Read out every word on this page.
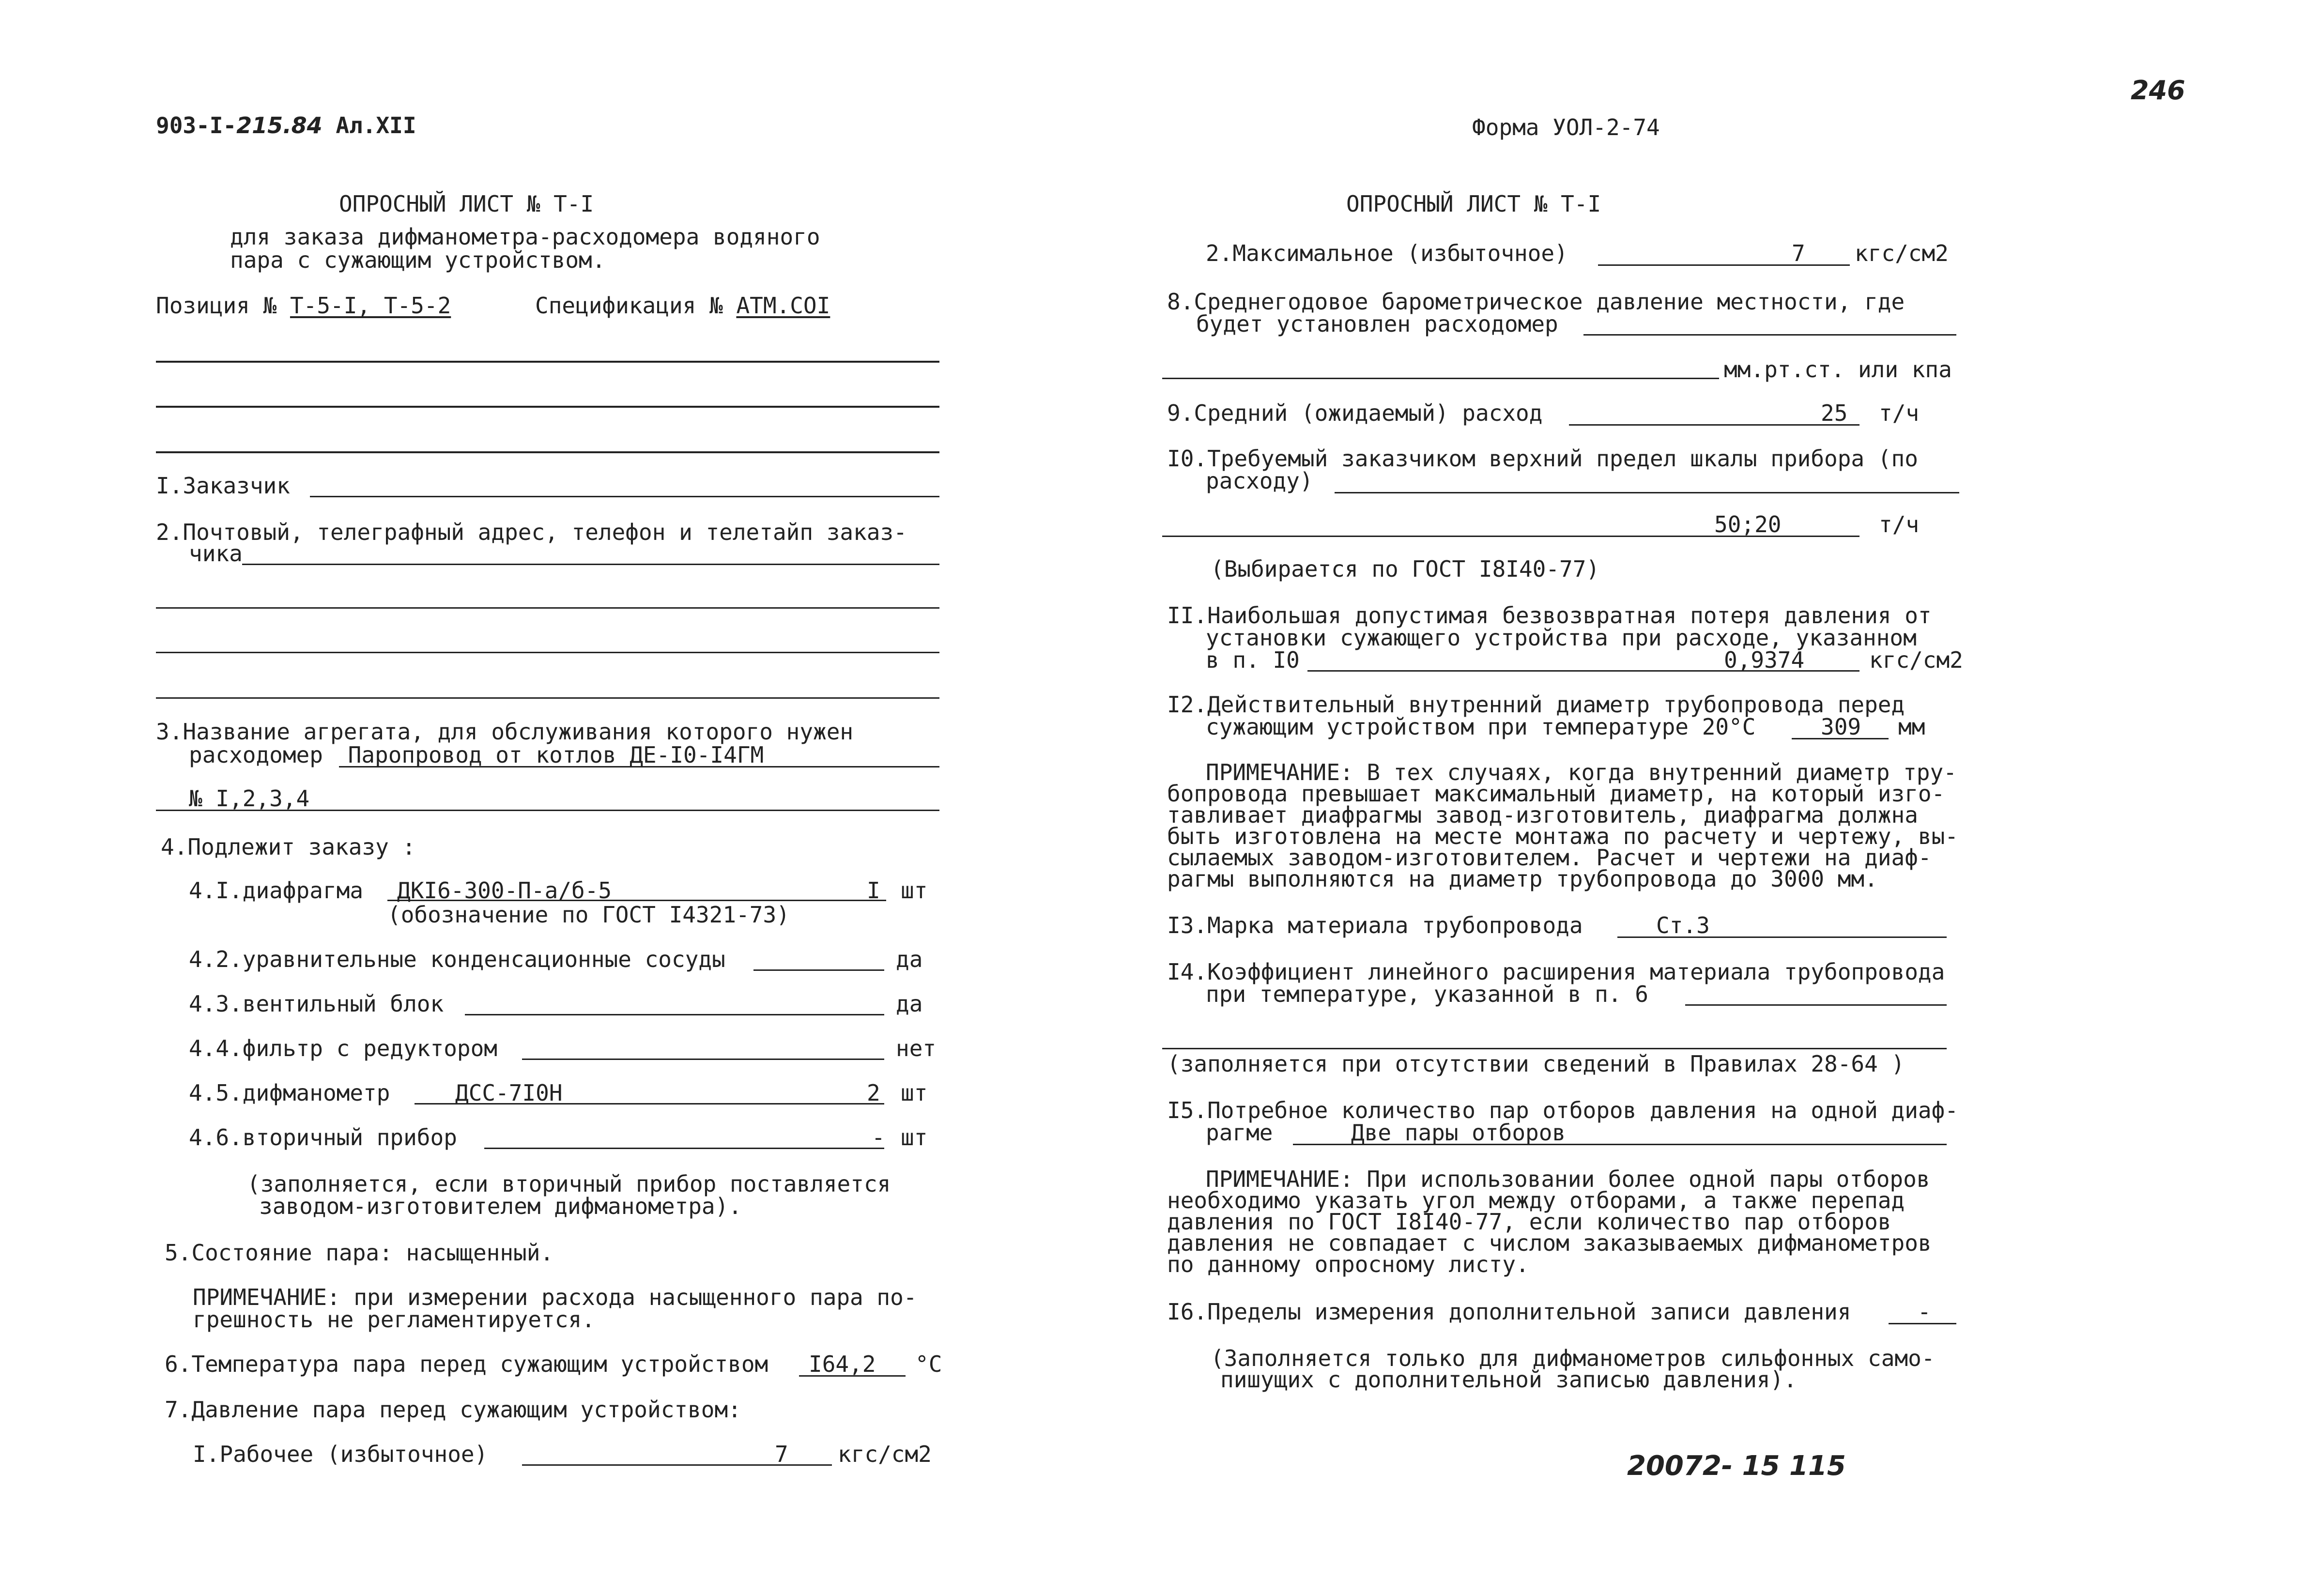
903-I-215.84 Ал.XII	Форма УОЛ-2-74
246
ОПРОСНЫЙ ЛИСТ № Т-I
для заказа дифманометра-расходомера водяного
пара с сужающим устройством.
Позиция № Т-5-I, Т-5-2	Спецификация № АТМ.СОI
I.Заказчик
2.Почтовый, телеграфный адрес, телефон и телетайп заказ-
чика
3.Название агрегата, для обслуживания которого нужен
расходомер Паропровод от котлов ДЕ-I0-I4ГМ
№ I,2,3,4
4.Подлежит заказу :
4.I.диафрагма ДКI6-300-П-а/б-5	I шт
(обозначение по ГОСТ I4321-73)
4.2.уравнительные конденсационные сосуды	да
4.3.вентильный блок	да
4.4.фильтр с редуктором	нет
4.5.дифманометр	ДСС-7I0Н	2 шт
4.6.вторичный прибор	- шт
(заполняется, если вторичный прибор поставляется
заводом-изготовителем дифманометра).
5.Состояние пара: насыщенный.
ПРИМЕЧАНИЕ: при измерении расхода насыщенного пара по-
грешность не регламентируется.
6.Температура пара перед сужающим устройством I64,2 °С
7.Давление пара перед сужающим устройством:
I.Рабочее (избыточное)	7 кгс/см2
ОПРОСНЫЙ ЛИСТ № Т-I
2.Максимальное (избыточное)	7 кгс/см2
8.Среднегодовое барометрическое давление местности, где
будет установлен расходомер
мм.рт.ст. или кпа
9.Средний (ожидаемый) расход	25 т/ч
I0.Требуемый заказчиком верхний предел шкалы прибора (по
расходу)
50;20	т/ч
(Выбирается по ГОСТ I8I40-77)
II.Наибольшая допустимая безвозвратная потеря давления от
установки сужающего устройства при расходе, указанном
в п. I0	0,9374	кгс/см2
I2.Действительный внутренний диаметр трубопровода перед
сужающим устройством при температуре 20°С	309 мм
ПРИМЕЧАНИЕ: В тех случаях, когда внутренний диаметр тру-
бопровода превышает максимальный диаметр, на который изго-
тавливает диафрагмы завод-изготовитель, диафрагма должна
быть изготовлена на месте монтажа по расчету и чертежу, вы-
сылаемых заводом-изготовителем. Расчет и чертежи на диаф-
рагмы выполняются на диаметр трубопровода до 3000 мм.
I3.Марка материала трубопровода	Ст.3
I4.Коэффициент линейного расширения материала трубопровода
при температуре, указанной в п. 6
(заполняется при отсутствии сведений в Правилах 28-64 )
I5.Потребное количество пар отборов давления на одной диаф-
рагме	Две пары отборов
ПРИМЕЧАНИЕ: При использовании более одной пары отборов
необходимо указать угол между отборами, а также перепад
давления по ГОСТ I8I40-77, если количество пар отборов
давления не совпадает с числом заказываемых дифманометров
по данному опросному листу.
I6.Пределы измерения дополнительной записи давления	-
(Заполняется только для дифманометров сильфонных само-
пишущих с дополнительной записью давления).
20072- 15 115
